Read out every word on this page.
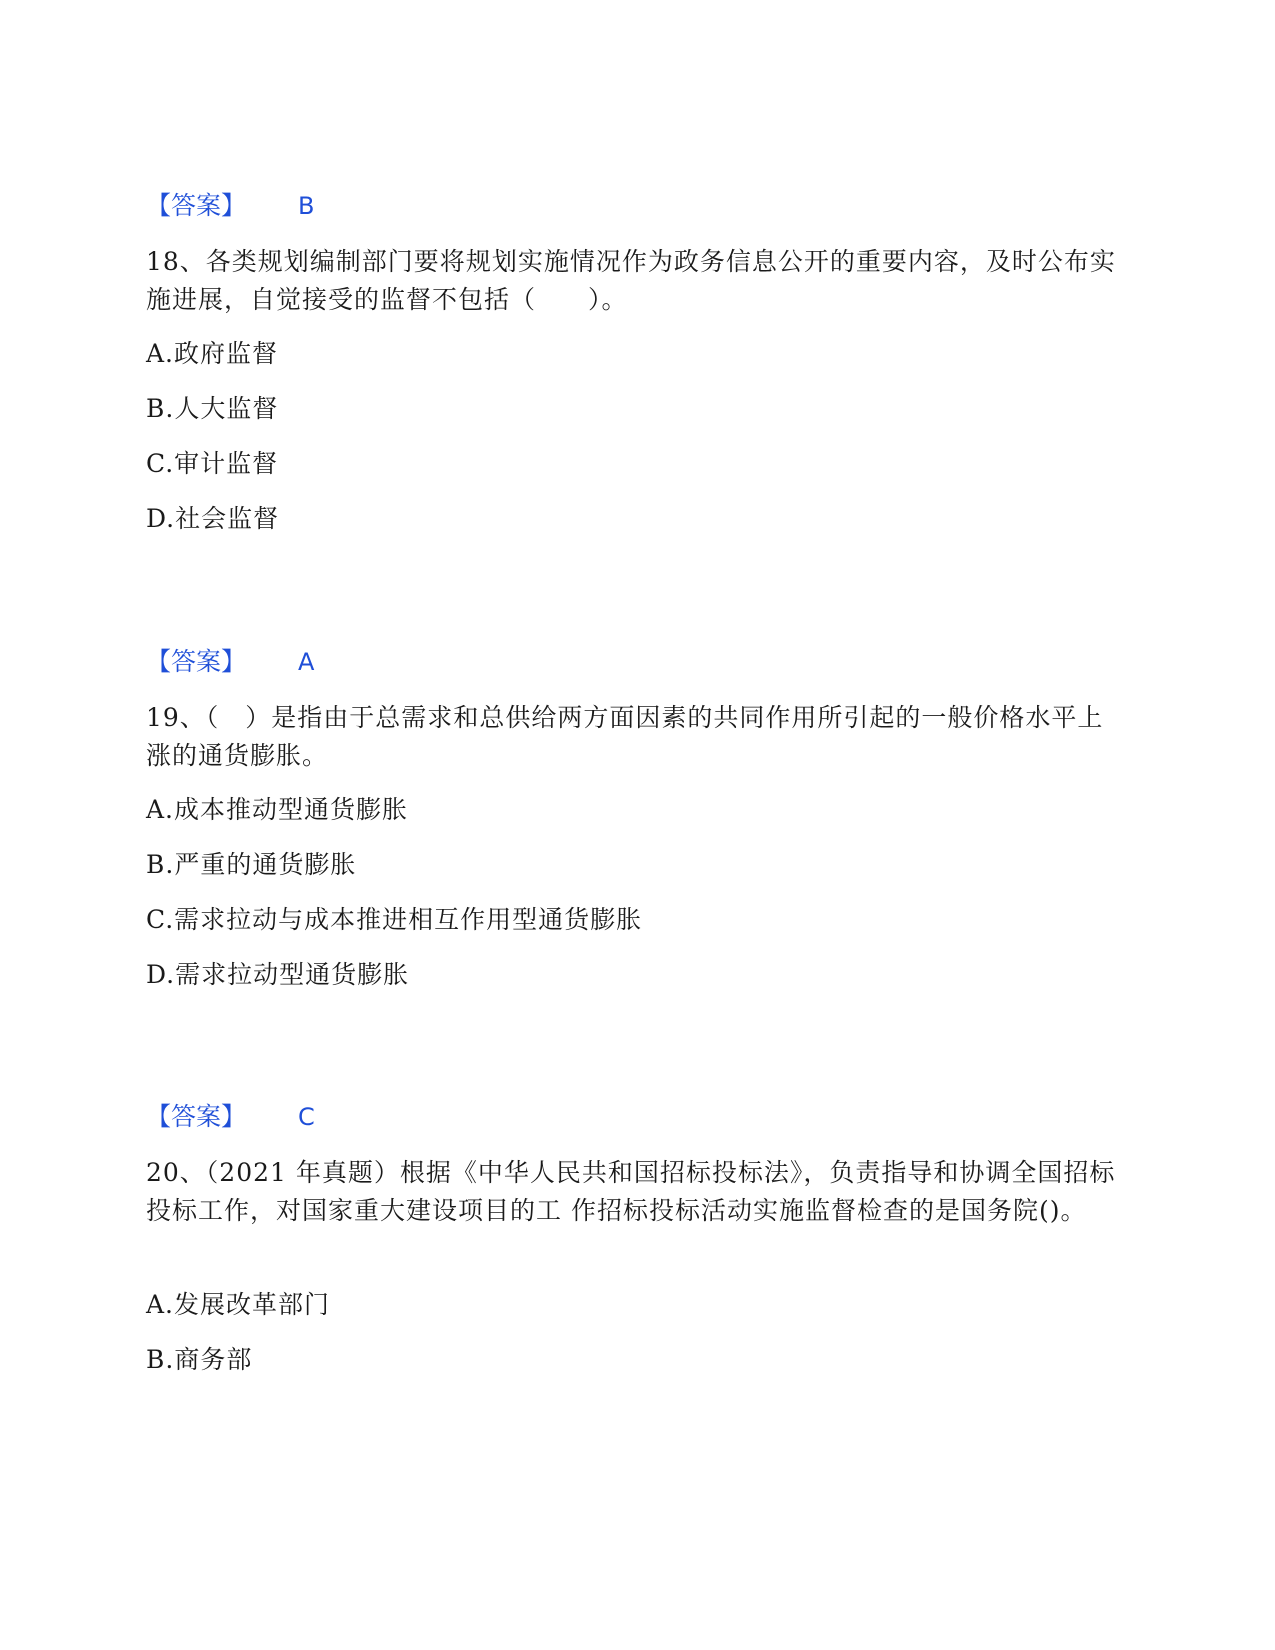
【答案】 B
18、各类规划编制部门要将规划实施情况作为政务信息公开的重要内容，及时公布实施进展，自觉接受的监督不包括（　　）。
A.政府监督
B.人大监督
C.审计监督
D.社会监督
【答案】 A
19、（　）是指由于总需求和总供给两方面因素的共同作用所引起的一般价格水平上涨的通货膨胀。
A.成本推动型通货膨胀
B.严重的通货膨胀
C.需求拉动与成本推进相互作用型通货膨胀
D.需求拉动型通货膨胀
【答案】 C
20、（2021 年真题）根据《中华人民共和国招标投标法》，负责指导和协调全国招标投标工作，对国家重大建设项目的工 作招标投标活动实施监督检查的是国务院()。
A.发展改革部门
B.商务部
